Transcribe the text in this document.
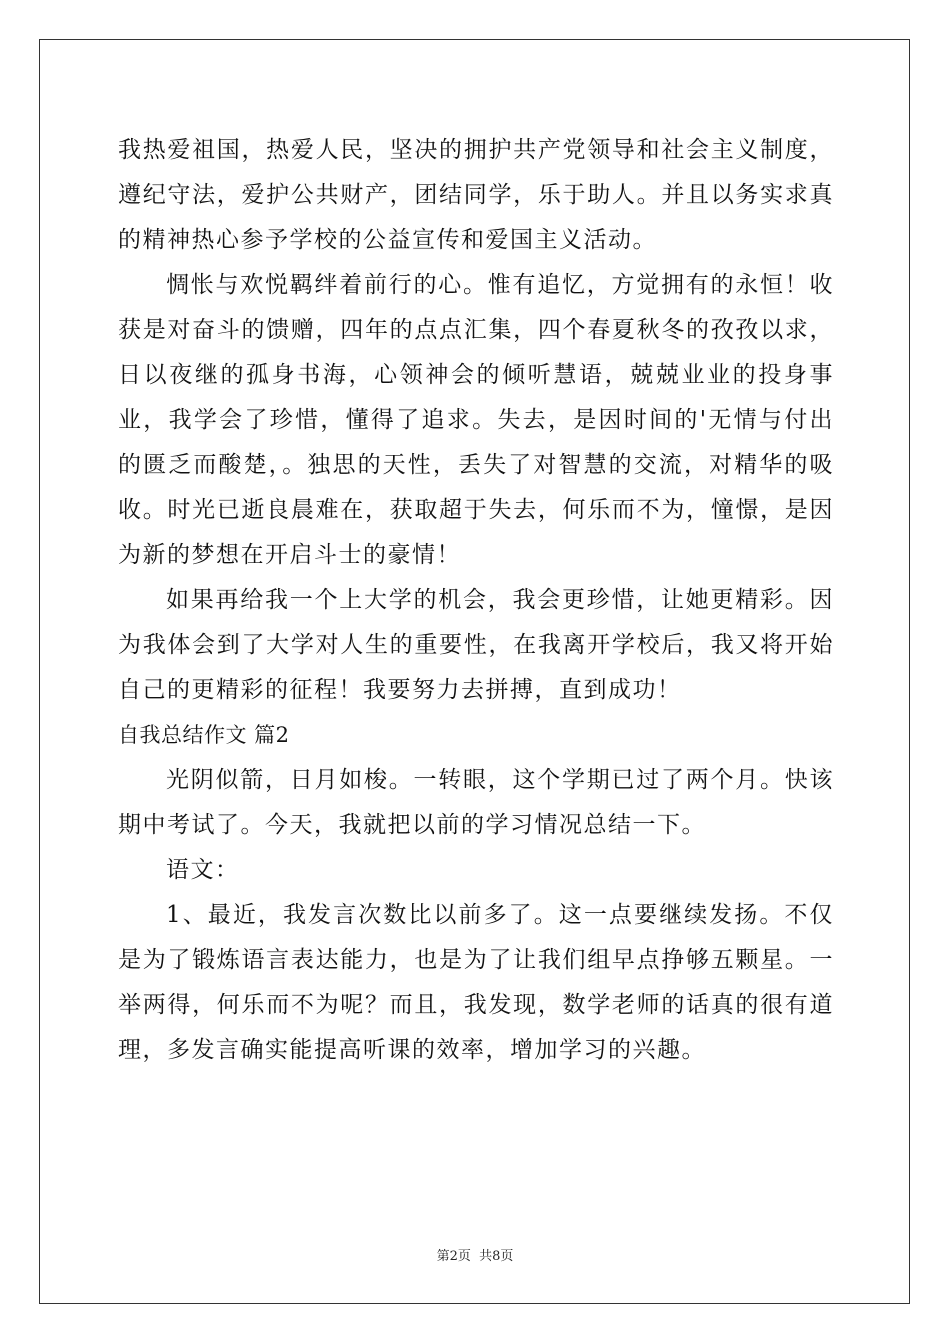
我热爱祖国，热爱人民，坚决的拥护共产党领导和社会主义制度，遵纪守法，爱护公共财产，团结同学，乐于助人。并且以务实求真的精神热心参予学校的公益宣传和爱国主义活动。

惆怅与欢悦羁绊着前行的心。惟有追忆，方觉拥有的永恒！收获是对奋斗的馈赠，四年的点点汇集，四个春夏秋冬的孜孜以求，日以夜继的孤身书海，心领神会的倾听慧语，兢兢业业的投身事业，我学会了珍惜，懂得了追求。失去，是因时间的'无情与付出的匮乏而酸楚，。独思的天性，丢失了对智慧的交流，对精华的吸收。时光已逝良晨难在，获取超于失去，何乐而不为，憧憬，是因为新的梦想在开启斗士的豪情！

如果再给我一个上大学的机会，我会更珍惜，让她更精彩。因为我体会到了大学对人生的重要性，在我离开学校后，我又将开始自己的更精彩的征程！我要努力去拼搏，直到成功！

自我总结作文 篇2

光阴似箭，日月如梭。一转眼，这个学期已过了两个月。快该期中考试了。今天，我就把以前的学习情况总结一下。

语文：

1、最近，我发言次数比以前多了。这一点要继续发扬。不仅是为了锻炼语言表达能力，也是为了让我们组早点挣够五颗星。一举两得，何乐而不为呢？而且，我发现，数学老师的话真的很有道理，多发言确实能提高听课的效率，增加学习的兴趣。

第2页 共8页
